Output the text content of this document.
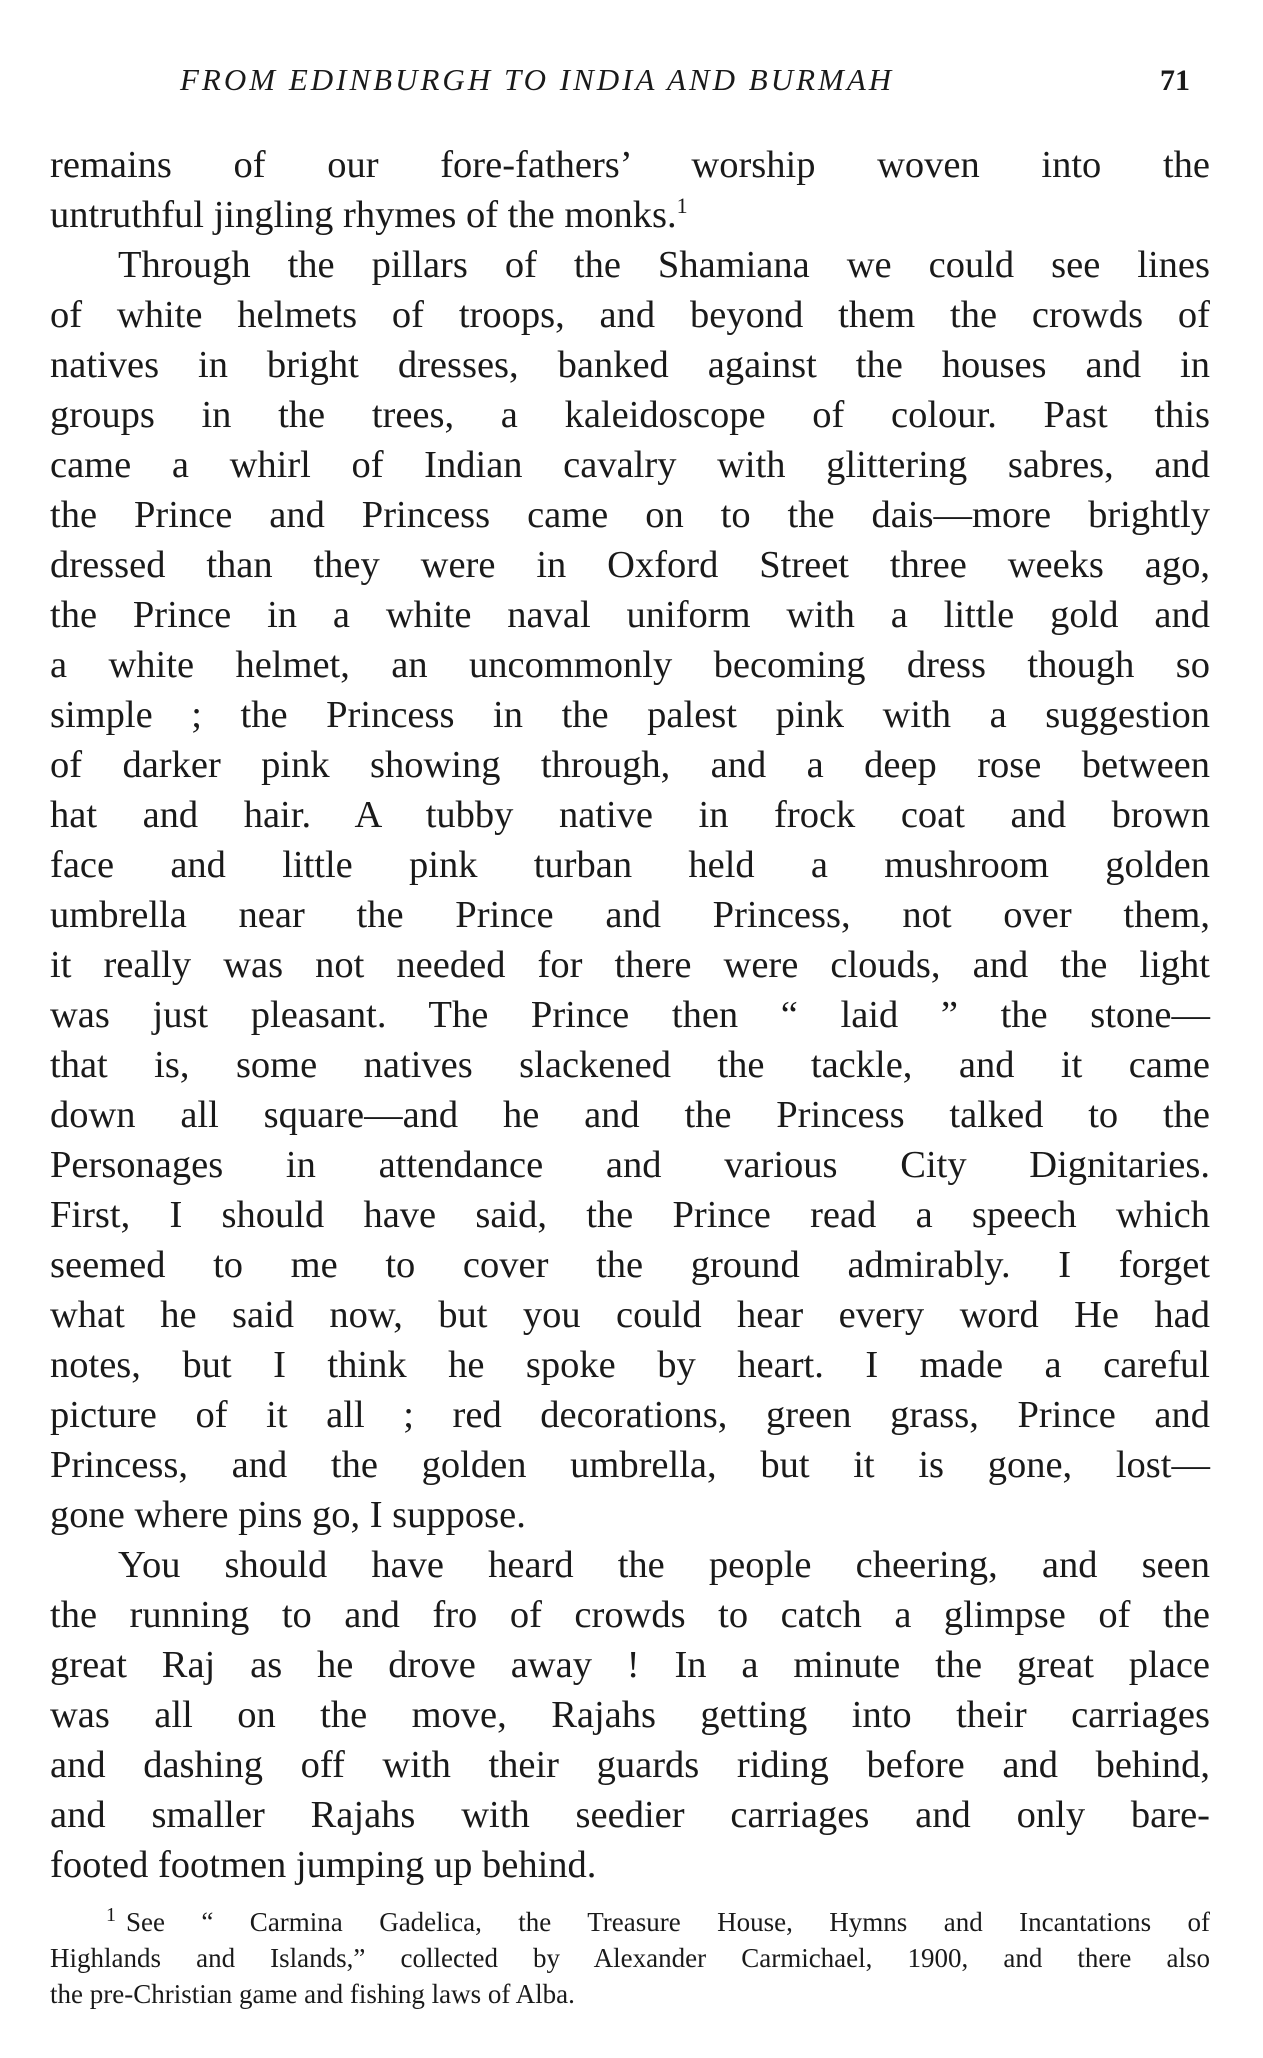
FROM EDINBURGH TO INDIA AND BURMAH	71
remains of our fore-fathers’ worship woven into the
untruthful jingling rhymes of the monks.$^1$
Through the pillars of the Shamiana we could see lines
of white helmets of troops, and beyond them the crowds of
natives in bright dresses, banked against the houses and in
groups in the trees, a kaleidoscope of colour. Past this
came a whirl of Indian cavalry with glittering sabres, and
the Prince and Princess came on to the dais—more brightly
dressed than they were in Oxford Street three weeks ago,
the Prince in a white naval uniform with a little gold and
a white helmet, an uncommonly becoming dress though so
simple ; the Princess in the palest pink with a suggestion
of darker pink showing through, and a deep rose between
hat and hair. A tubby native in frock coat and brown
face and little pink turban held a mushroom golden
umbrella near the Prince and Princess, not over them,
it really was not needed for there were clouds, and the light
was just pleasant. The Prince then “ laid ” the stone—
that is, some natives slackened the tackle, and it came
down all square—and he and the Princess talked to the
Personages in attendance and various City Dignitaries.
First, I should have said, the Prince read a speech which
seemed to me to cover the ground admirably. I forget
what he said now, but you could hear every word He had
notes, but I think he spoke by heart. I made a careful
picture of it all ; red decorations, green grass, Prince and
Princess, and the golden umbrella, but it is gone, lost—
gone where pins go, I suppose.
You should have heard the people cheering, and seen
the running to and fro of crowds to catch a glimpse of the
great Raj as he drove away ! In a minute the great place
was all on the move, Rajahs getting into their carriages
and dashing off with their guards riding before and behind,
and smaller Rajahs with seedier carriages and only bare-
footed footmen jumping up behind.
$^1$ See “ Carmina Gadelica, the Treasure House, Hymns and Incantations of
Highlands and Islands,” collected by Alexander Carmichael, 1900, and there also
the pre-Christian game and fishing laws of Alba.
